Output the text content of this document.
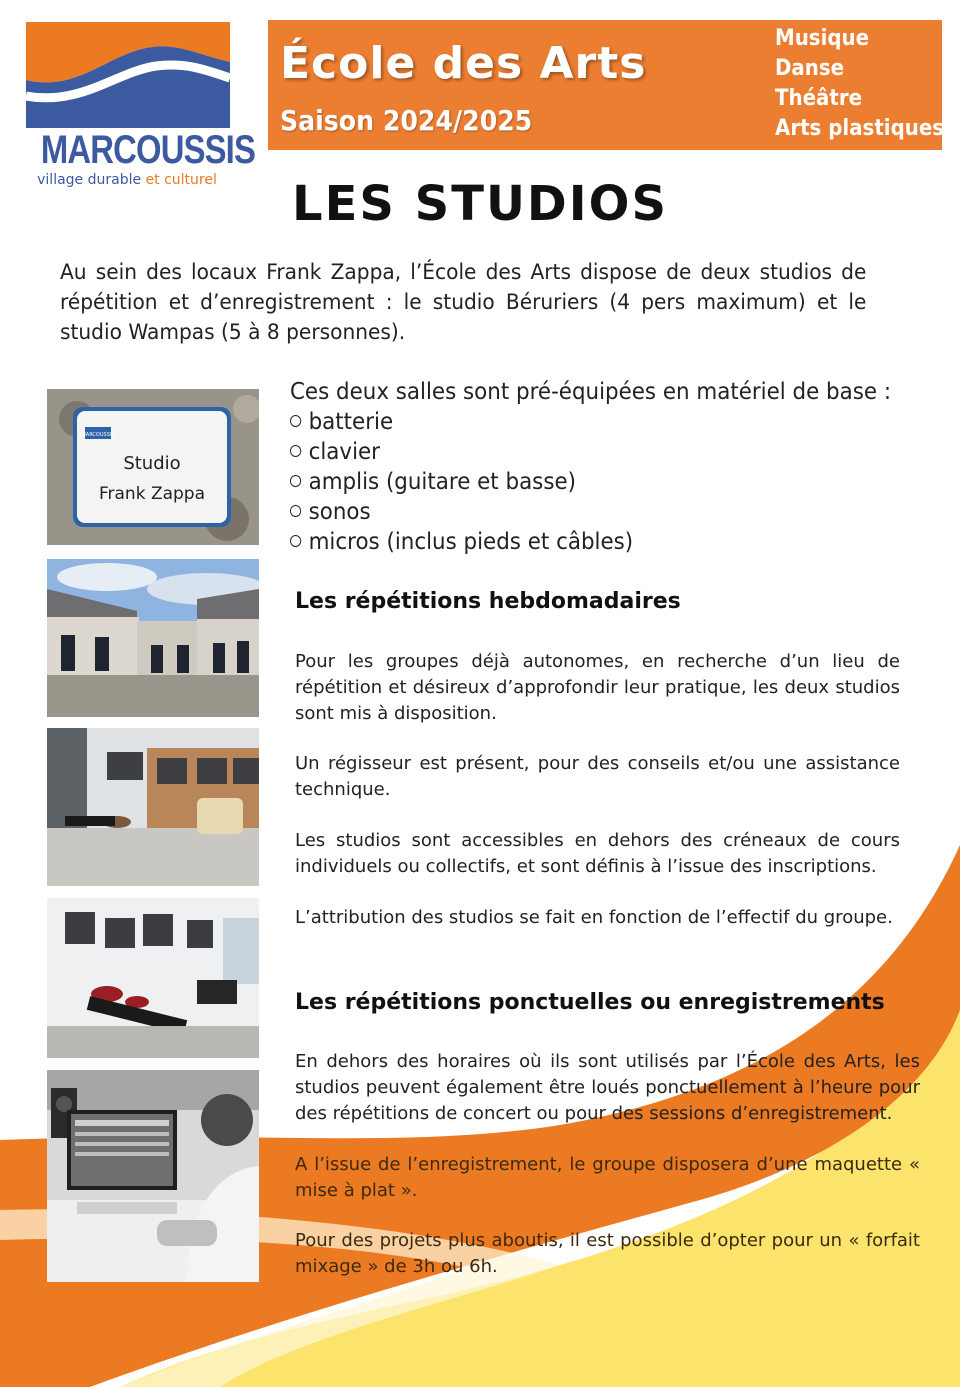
MARCOUSSIS
village durable et culturel
École des Arts
Saison 2024/2025
Musique
Danse
Théâtre
Arts plastiques
LES STUDIOS

Au sein des locaux Frank Zappa, l’École des Arts dispose de deux studios de répétition et d’enregistrement : le studio Béruriers (4 pers maximum) et le studio Wampas (5 à 8 personnes).

MARCOUSSIS
Studio
Frank Zappa
Ces deux salles sont pré-équipées en matériel de base :
batterie
clavier
amplis (guitare et basse)
sonos
micros (inclus pieds et câbles)
Les répétitions hebdomadaires

Pour les groupes déjà autonomes, en recherche d’un lieu de répétition et désireux d’approfondir leur pratique, les deux studios sont mis à disposition.

Un régisseur est présent, pour des conseils et/ou une assistance technique.

Les studios sont accessibles en dehors des créneaux de cours individuels ou collectifs, et sont définis à l’issue des inscriptions.

L’attribution des studios se fait en fonction de l’effectif du groupe.

Les répétitions ponctuelles ou enregistrements

En dehors des horaires où ils sont utilisés par l’École des Arts, les studios peuvent également être loués ponctuellement à l’heure pour des répétitions de concert ou pour des sessions d’enregistrement.

A l’issue de l’enregistrement, le groupe disposera d’une maquette « mise à plat ».

Pour des projets plus aboutis, il est possible d’opter pour un « forfait mixage » de 3h ou 6h.
